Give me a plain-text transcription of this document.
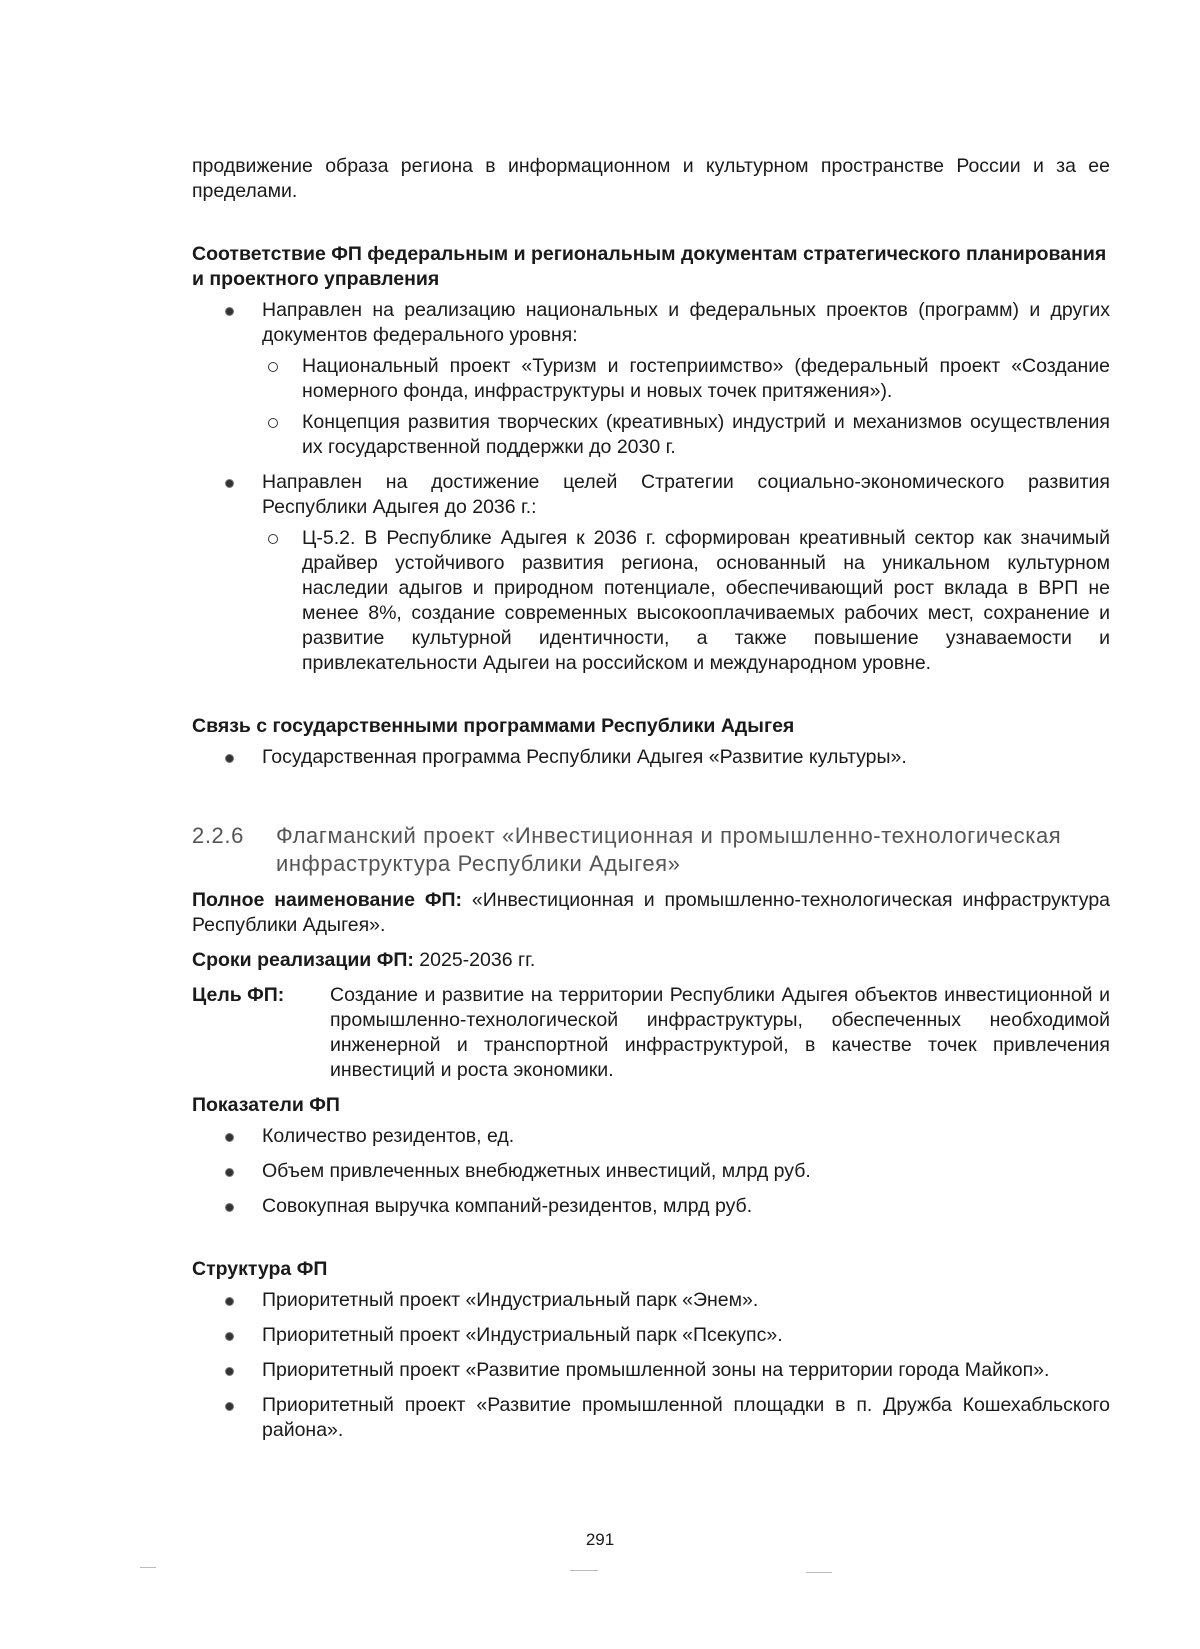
продвижение образа региона в информационном и культурном пространстве России и за ее пределами.

Соответствие ФП федеральным и региональным документам стратегического планирования и проектного управления

Направлен на реализацию национальных и федеральных проектов (программ) и других документов федерального уровня:

Национальный проект «Туризм и гостеприимство» (федеральный проект «Создание номерного фонда, инфраструктуры и новых точек притяжения»).

Концепция развития творческих (креативных) индустрий и механизмов осуществления их государственной поддержки до 2030 г.

Направлен на достижение целей Стратегии социально-экономического развития Республики Адыгея до 2036 г.:

Ц-5.2. В Республике Адыгея к 2036 г. сформирован креативный сектор как значимый драйвер устойчивого развития региона, основанный на уникальном культурном наследии адыгов и природном потенциале, обеспечивающий рост вклада в ВРП не менее 8%, создание современных высокооплачиваемых рабочих мест, сохранение и развитие культурной идентичности, а также повышение узнаваемости и привлекательности Адыгеи на российском и международном уровне.

Связь с государственными программами Республики Адыгея

Государственная программа Республики Адыгея «Развитие культуры».

2.2.6	Флагманский проект «Инвестиционная и промышленно-технологическая инфраструктура Республики Адыгея»

Полное наименование ФП: «Инвестиционная и промышленно-технологическая инфраструктура Республики Адыгея».

Сроки реализации ФП: 2025-2036 гг.

Цель ФП:	Создание и развитие на территории Республики Адыгея объектов инвестиционной и промышленно-технологической инфраструктуры, обеспеченных необходимой инженерной и транспортной инфраструктурой, в качестве точек привлечения инвестиций и роста экономики.

Показатели ФП

Количество резидентов, ед.

Объем привлеченных внебюджетных инвестиций, млрд руб.

Совокупная выручка компаний-резидентов, млрд руб.

Структура ФП

Приоритетный проект «Индустриальный парк «Энем».

Приоритетный проект «Индустриальный парк «Псекупс».

Приоритетный проект «Развитие промышленной зоны на территории города Майкоп».

Приоритетный проект «Развитие промышленной площадки в п. Дружба Кошехабльского района».

291
